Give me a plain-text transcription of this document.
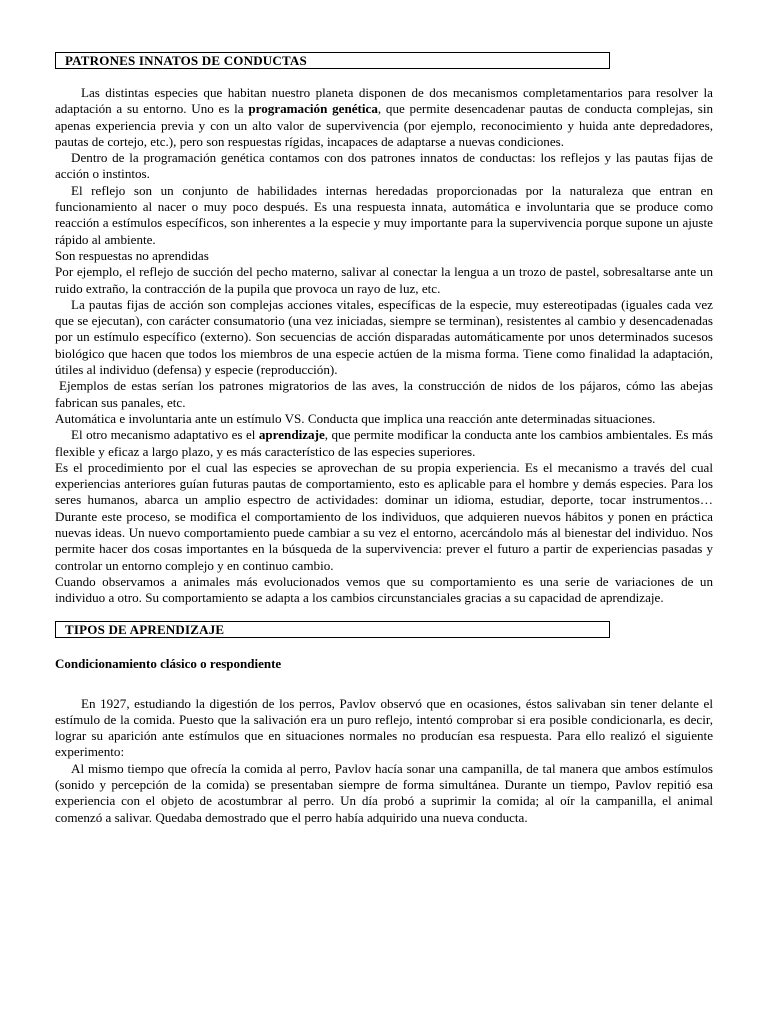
PATRONES INNATOS DE CONDUCTAS

Las distintas especies que habitan nuestro planeta disponen de dos mecanismos completamentarios para resolver la adaptación a su entorno. Uno es la programación genética, que permite desencadenar pautas de conducta complejas, sin apenas experiencia previa y con un alto valor de supervivencia (por ejemplo, reconocimiento y huida ante depredadores, pautas de cortejo, etc.), pero son respuestas rígidas, incapaces de adaptarse a nuevas condiciones.

Dentro de la programación genética contamos con dos patrones innatos de conductas: los reflejos y las pautas fijas de acción o instintos.

El reflejo son un conjunto de habilidades internas heredadas proporcionadas por la naturaleza que entran en funcionamiento al nacer o muy poco después. Es una respuesta innata, automática e involuntaria que se produce como reacción a estímulos específicos, son inherentes a la especie y muy importante para la supervivencia porque supone un ajuste rápido al ambiente.

Son respuestas no aprendidas

Por ejemplo, el reflejo de succión del pecho materno, salivar al conectar la lengua a un trozo de pastel, sobresaltarse ante un ruido extraño, la contracción de la pupila que provoca un rayo de luz, etc.

La pautas fijas de acción son complejas acciones vitales, específicas de la especie, muy estereotipadas (iguales cada vez que se ejecutan), con carácter consumatorio (una vez iniciadas, siempre se terminan), resistentes al cambio y desencadenadas por un estímulo específico (externo). Son secuencias de acción disparadas automáticamente por unos determinados sucesos biológico que hacen que todos los miembros de una especie actúen de la misma forma. Tiene como finalidad la adaptación, útiles al individuo (defensa) y especie (reproducción).

Ejemplos de estas serían los patrones migratorios de las aves, la construcción de nidos de los pájaros, cómo las abejas fabrican sus panales, etc.

Automática e involuntaria ante un estímulo VS. Conducta que implica una reacción ante determinadas situaciones.

El otro mecanismo adaptativo es el aprendizaje, que permite modificar la conducta ante los cambios ambientales. Es más flexible y eficaz a largo plazo, y es más característico de las especies superiores.

Es el procedimiento por el cual las especies se aprovechan de su propia experiencia. Es el mecanismo a través del cual experiencias anteriores guían futuras pautas de comportamiento, esto es aplicable para el hombre y demás especies. Para los seres humanos, abarca un amplio espectro de actividades: dominar un idioma, estudiar, deporte, tocar instrumentos… Durante este proceso, se modifica el comportamiento de los individuos, que adquieren nuevos hábitos y ponen en práctica nuevas ideas. Un nuevo comportamiento puede cambiar a su vez el entorno, acercándolo más al bienestar del individuo. Nos permite hacer dos cosas importantes en la búsqueda de la supervivencia: prever el futuro a partir de experiencias pasadas y controlar un entorno complejo y en continuo cambio.

Cuando observamos a animales más evolucionados vemos que su comportamiento es una serie de variaciones de un individuo a otro. Su comportamiento se adapta a los cambios circunstanciales gracias a su capacidad de aprendizaje.

TIPOS DE APRENDIZAJE
Condicionamiento clásico o respondiente

En 1927, estudiando la digestión de los perros, Pavlov observó que en ocasiones, éstos salivaban sin tener delante el estímulo de la comida. Puesto que la salivación era un puro reflejo, intentó comprobar si era posible condicionarla, es decir, lograr su aparición ante estímulos que en situaciones normales no producían esa respuesta. Para ello realizó el siguiente experimento:

Al mismo tiempo que ofrecía la comida al perro, Pavlov hacía sonar una campanilla, de tal manera que ambos estímulos (sonido y percepción de la comida) se presentaban siempre de forma simultánea. Durante un tiempo, Pavlov repitió esa experiencia con el objeto de acostumbrar al perro. Un día probó a suprimir la comida; al oír la campanilla, el animal comenzó a salivar. Quedaba demostrado que el perro había adquirido una nueva conducta.
